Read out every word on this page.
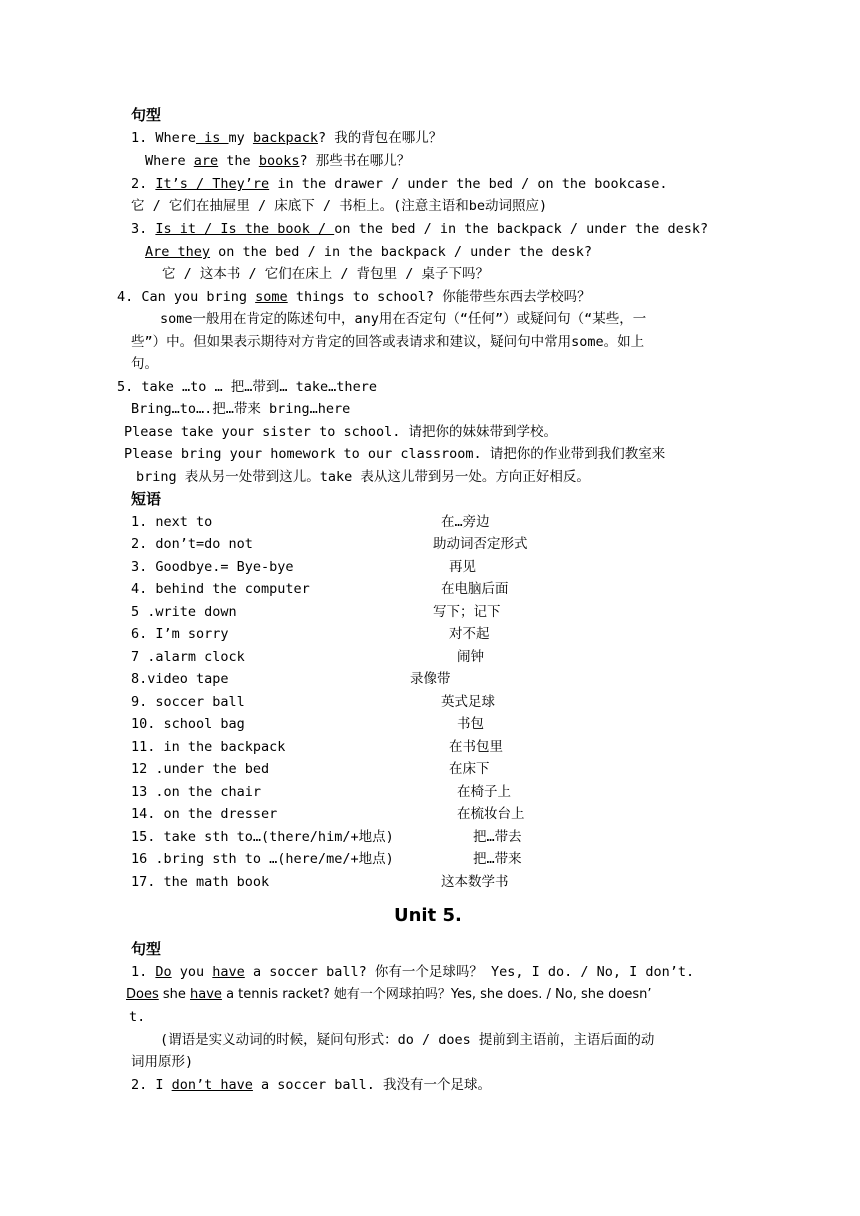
句型
1. Where is my backpack? 我的背包在哪儿？
Where are the books? 那些书在哪儿？
2. It’s / They’re in the drawer / under the bed / on the bookcase.
它 / 它们在抽屉里 / 床底下 / 书柜上。(注意主语和be动词照应)
3. Is it / Is the book / on the bed / in the backpack / under the desk?
Are they on the bed / in the backpack / under the desk?
它 / 这本书 / 它们在床上 / 背包里 / 桌子下吗？
4. Can you bring some things to school? 你能带些东西去学校吗？
some一般用在肯定的陈述句中，any用在否定句（“任何”）或疑问句（“某些，一
些”）中。但如果表示期待对方肯定的回答或表请求和建议，疑问句中常用some。如上
句。
5. take …to … 把…带到… take…there
Bring…to….把…带来 bring…here
Please take your sister to school. 请把你的妹妹带到学校。
Please bring your homework to our classroom. 请把你的作业带到我们教室来
bring 表从另一处带到这儿。take 表从这儿带到另一处。方向正好相反。
短语
1. next to	在…旁边
2. don’t=do not	助动词否定形式
3. Goodbye.= Bye-bye	再见
4. behind the computer	在电脑后面
5 .write down	写下；记下
6. I’m sorry	对不起
7 .alarm clock	闹钟
8.video tape	录像带
9. soccer ball	英式足球
10. school bag	书包
11. in the backpack	在书包里
12 .under the bed	在床下
13 .on the chair	在椅子上
14. on the dresser	在梳妆台上
15. take sth to…(there/him/+地点)	把…带去
16 .bring sth to …(here/me/+地点)	把…带来
17. the math book	这本数学书
Unit 5.
句型
1. Do you have a soccer ball? 你有一个足球吗？ Yes, I do. / No, I don’t.
Does she have a tennis racket? 她有一个网球拍吗？Yes, she does. / No, she doesn’
t.
(谓语是实义动词的时候，疑问句形式：do / does 提前到主语前，主语后面的动
词用原形)
2. I don’t have a soccer ball. 我没有一个足球。
